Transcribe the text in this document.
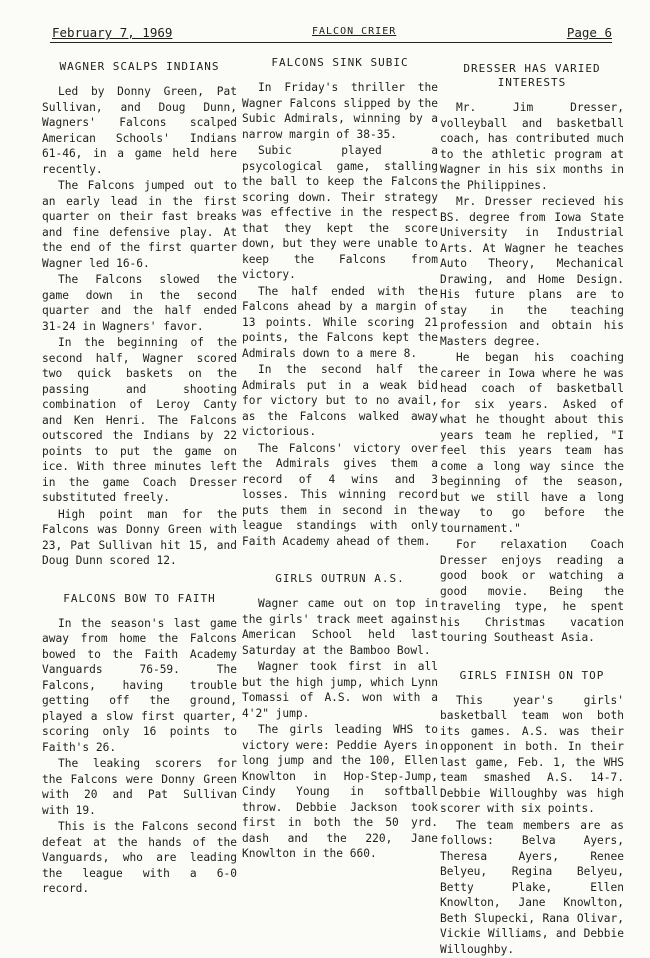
February 7, 1969	FALCON CRIER	Page 6
WAGNER SCALPS INDIANS

Led by Donny Green, Pat Sullivan, and Doug Dunn, Wagners' Falcons scalped American Schools' Indians 61-46, in a game held here recently.

The Falcons jumped out to an early lead in the first quarter on their fast breaks and fine defensive play. At the end of the first quarter Wagner led 16-6.

The Falcons slowed the game down in the second quarter and the half ended 31-24 in Wagners' favor.

In the beginning of the second half, Wagner scored two quick baskets on the passing and shooting combination of Leroy Canty and Ken Henri. The Falcons outscored the Indians by 22 points to put the game on ice. With three minutes left in the game Coach Dresser substituted freely.

High point man for the Falcons was Donny Green with 23, Pat Sullivan hit 15, and Doug Dunn scored 12.

FALCONS BOW TO FAITH

In the season's last game away from home the Falcons bowed to the Faith Academy Vanguards 76-59. The Falcons, having trouble getting off the ground, played a slow first quarter, scoring only 16 points to Faith's 26.

The leaking scorers for the Falcons were Donny Green with 20 and Pat Sullivan with 19.

This is the Falcons second defeat at the hands of the Vanguards, who are leading the league with a 6-0 record.

FALCONS SINK SUBIC

In Friday's thriller the Wagner Falcons slipped by the Subic Admirals, winning by a narrow margin of 38-35.

Subic played a psycological game, stalling the ball to keep the Falcons scoring down. Their strategy was effective in the respect that they kept the score down, but they were unable to keep the Falcons from victory.

The half ended with the Falcons ahead by a margin of 13 points. While scoring 21 points, the Falcons kept the Admirals down to a mere 8.

In the second half the Admirals put in a weak bid for victory but to no avail, as the Falcons walked away victorious.

The Falcons' victory over the Admirals gives them a record of 4 wins and 3 losses. This winning record puts them in second in the league standings with only Faith Academy ahead of them.

GIRLS OUTRUN A.S.

Wagner came out on top in the girls' track meet against American School held last Saturday at the Bamboo Bowl.

Wagner took first in all but the high jump, which Lynn Tomassi of A.S. won with a 4'2" jump.

The girls leading WHS to victory were: Peddie Ayers in long jump and the 100, Ellen Knowlton in Hop-Step-Jump, Cindy Young in softball throw. Debbie Jackson took first in both the 50 yrd. dash and the 220, Jane Knowlton in the 660.

DRESSER HAS VARIED INTERESTS

Mr. Jim Dresser, volleyball and basketball coach, has contributed much to the athletic program at Wagner in his six months in the Philippines.

Mr. Dresser recieved his BS. degree from Iowa State University in Industrial Arts. At Wagner he teaches Auto Theory, Mechanical Drawing, and Home Design. His future plans are to stay in the teaching profession and obtain his Masters degree.

He began his coaching career in Iowa where he was head coach of basketball for six years. Asked of what he thought about this years team he replied, "I feel this years team has come a long way since the beginning of the season, but we still have a long way to go before the tournament."

For relaxation Coach Dresser enjoys reading a good book or watching a good movie. Being the traveling type, he spent his Christmas vacation touring Southeast Asia.

GIRLS FINISH ON TOP

This year's girls' basketball team won both its games. A.S. was their opponent in both. In their last game, Feb. 1, the WHS team smashed A.S. 14-7. Debbie Willoughby was high scorer with six points.

The team members are as follows: Belva Ayers, Theresa Ayers, Renee Belyeu, Regina Belyeu, Betty Plake, Ellen Knowlton, Jane Knowlton, Beth Slupecki, Rana Olivar, Vickie Williams, and Debbie Willoughby.
